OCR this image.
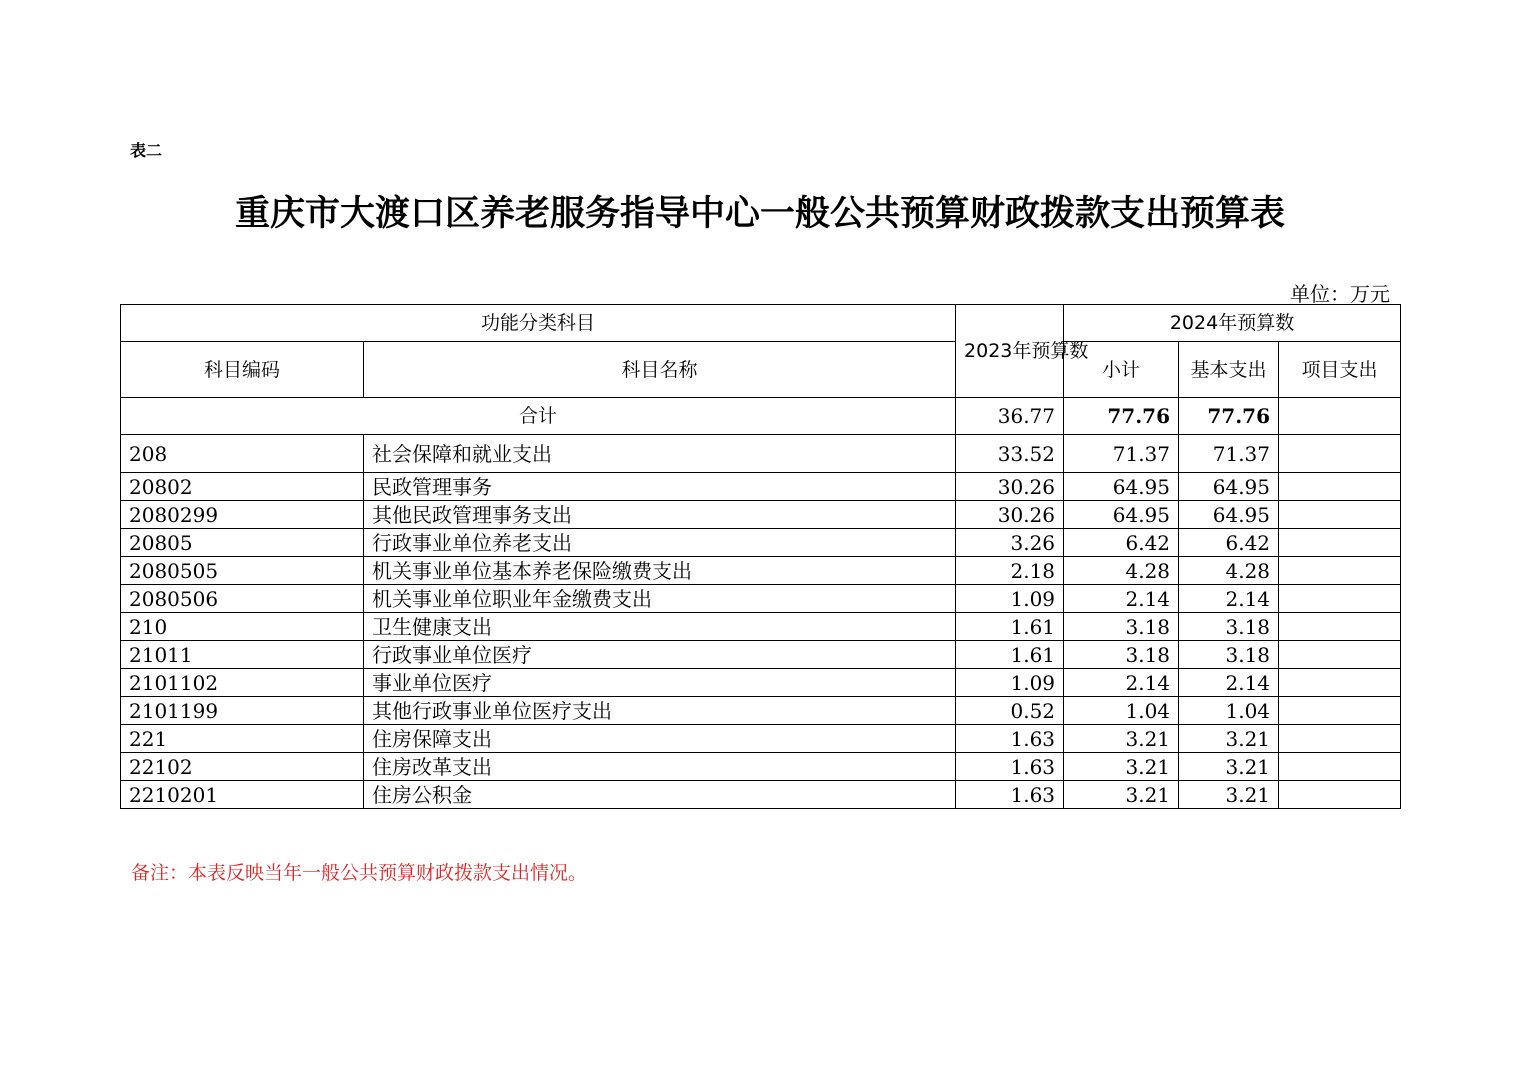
表二
重庆市大渡口区养老服务指导中心一般公共预算财政拨款支出预算表
单位：万元
功能分类科目		2023年预算数	2024年预算数		
科目编码	科目名称		小计	基本支出	项目支出
合计		36.77	77.76	77.76	
208	社会保障和就业支出	33.52	71.37	71.37	
20802	民政管理事务	30.26	64.95	64.95	
2080299	其他民政管理事务支出	30.26	64.95	64.95	
20805	行政事业单位养老支出	3.26	6.42	6.42	
2080505	机关事业单位基本养老保险缴费支出	2.18	4.28	4.28	
2080506	机关事业单位职业年金缴费支出	1.09	2.14	2.14	
210	卫生健康支出	1.61	3.18	3.18	
21011	行政事业单位医疗	1.61	3.18	3.18	
2101102	事业单位医疗	1.09	2.14	2.14	
2101199	其他行政事业单位医疗支出	0.52	1.04	1.04	
221	住房保障支出	1.63	3.21	3.21	
22102	住房改革支出	1.63	3.21	3.21	
2210201	住房公积金	1.63	3.21	3.21	
备注：本表反映当年一般公共预算财政拨款支出情况。
